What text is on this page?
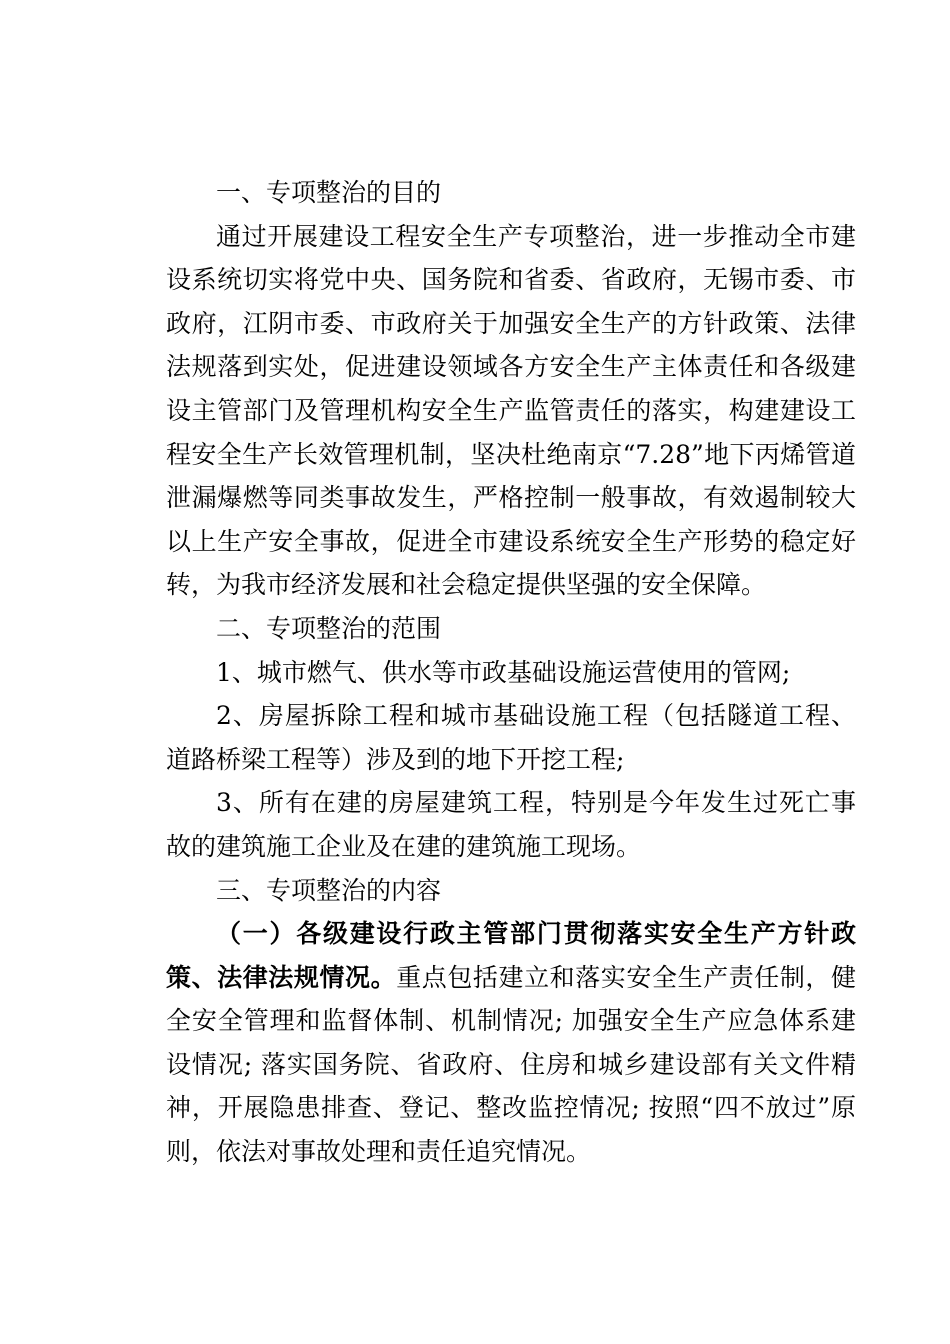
一、专项整治的目的

通过开展建设工程安全生产专项整治，进一步推动全市建设系统切实将党中央、国务院和省委、省政府，无锡市委、市政府，江阴市委、市政府关于加强安全生产的方针政策、法律法规落到实处，促进建设领域各方安全生产主体责任和各级建设主管部门及管理机构安全生产监管责任的落实，构建建设工程安全生产长效管理机制，坚决杜绝南京“7.28”地下丙烯管道泄漏爆燃等同类事故发生，严格控制一般事故，有效遏制较大以上生产安全事故，促进全市建设系统安全生产形势的稳定好转，为我市经济发展和社会稳定提供坚强的安全保障。

二、专项整治的范围

1、城市燃气、供水等市政基础设施运营使用的管网;

2、房屋拆除工程和城市基础设施工程（包括隧道工程、道路桥梁工程等）涉及到的地下开挖工程;

3、所有在建的房屋建筑工程，特别是今年发生过死亡事故的建筑施工企业及在建的建筑施工现场。

三、专项整治的内容

（一）各级建设行政主管部门贯彻落实安全生产方针政策、法律法规情况。重点包括建立和落实安全生产责任制，健全安全管理和监督体制、机制情况; 加强安全生产应急体系建设情况; 落实国务院、省政府、住房和城乡建设部有关文件精神，开展隐患排查、登记、整改监控情况; 按照“四不放过”原则，依法对事故处理和责任追究情况。
